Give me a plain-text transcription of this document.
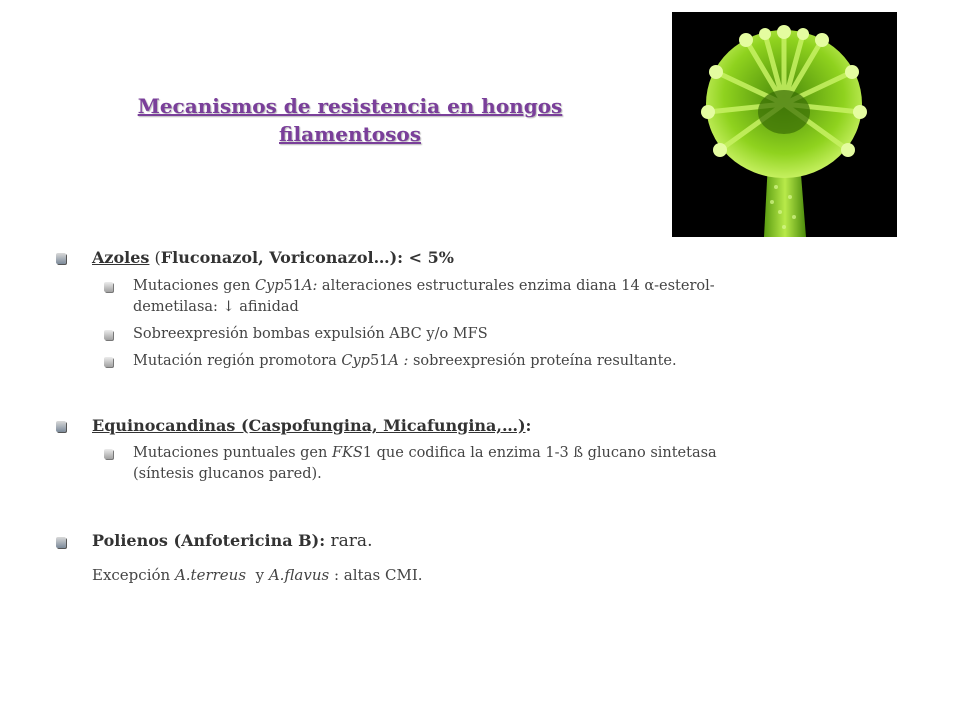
Mecanismos de resistencia en hongos
filamentosos
Azoles (Fluconazol, Voriconazol…): < 5%
Mutaciones gen Cyp51A: alteraciones estructurales enzima diana 14 α-esterol-
demetilasa: ↓ afinidad
Sobreexpresión bombas expulsión ABC y/o MFS
Mutación región promotora Cyp51A : sobreexpresión proteína resultante.
Equinocandinas (Caspofungina, Micafungina,…):
Mutaciones puntuales gen FKS1 que codifica la enzima 1-3 ß glucano sintetasa
(síntesis glucanos pared).
Polienos (Anfotericina B): rara.
Excepción A.terreus  y A.flavus : altas CMI.
